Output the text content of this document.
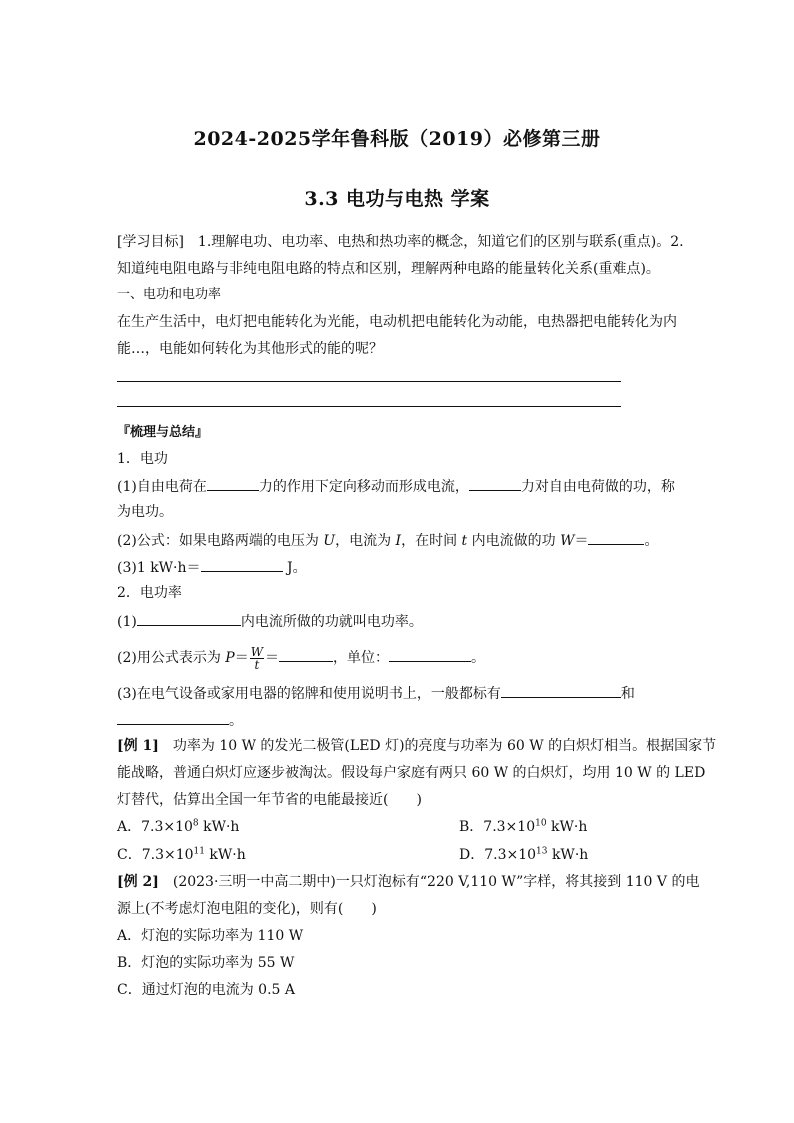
2024-2025学年鲁科版（2019）必修第三册
3.3 电功与电热 学案
[学习目标]　1.理解电功、电功率、电热和热功率的概念，知道它们的区别与联系(重点)。2.
知道纯电阻电路与非纯电阻电路的特点和区别，理解两种电路的能量转化关系(重难点)。
一、电功和电功率
在生产生活中，电灯把电能转化为光能，电动机把电能转化为动能，电热器把电能转化为内
能…，电能如何转化为其他形式的能的呢？
『梳理与总结』
1．电功
(1)自由电荷在	力的作用下定向移动而形成电流，	力对自由电荷做的功，称
为电功。
(2)公式：如果电路两端的电压为 U，电流为 I，在时间 t 内电流做的功 W＝	。
(3)1 kW·h＝	J。
2．电功率
(1)	内电流所做的功就叫电功率。
(2)用公式表示为 $P= \frac{W}{t}$ ＝	，单位：	。
(3)在电气设备或家用电器的铭牌和使用说明书上，一般都标有	和
。
[例 1]　功率为 10 W 的发光二极管(LED 灯)的亮度与功率为 60 W 的白炽灯相当。根据国家节
能战略，普通白炽灯应逐步被淘汰。假设每户家庭有两只 60 W 的白炽灯，均用 10 W 的 LED
灯替代，估算出全国一年节省的电能最接近(　　)
A．$7.3\times 10^8$ kW·h	B．$7.3\times 10^{10}$ kW·h
C．$7.3\times 10^{11}$ kW·h	D．$7.3\times 10^{13}$ kW·h
[例 2]　(2023·三明一中高二期中)一只灯泡标有“220 V,110 W”字样，将其接到 110 V 的电
源上(不考虑灯泡电阻的变化)，则有(　　)
A．灯泡的实际功率为 110 W
B．灯泡的实际功率为 55 W
C．通过灯泡的电流为 0.5 A
